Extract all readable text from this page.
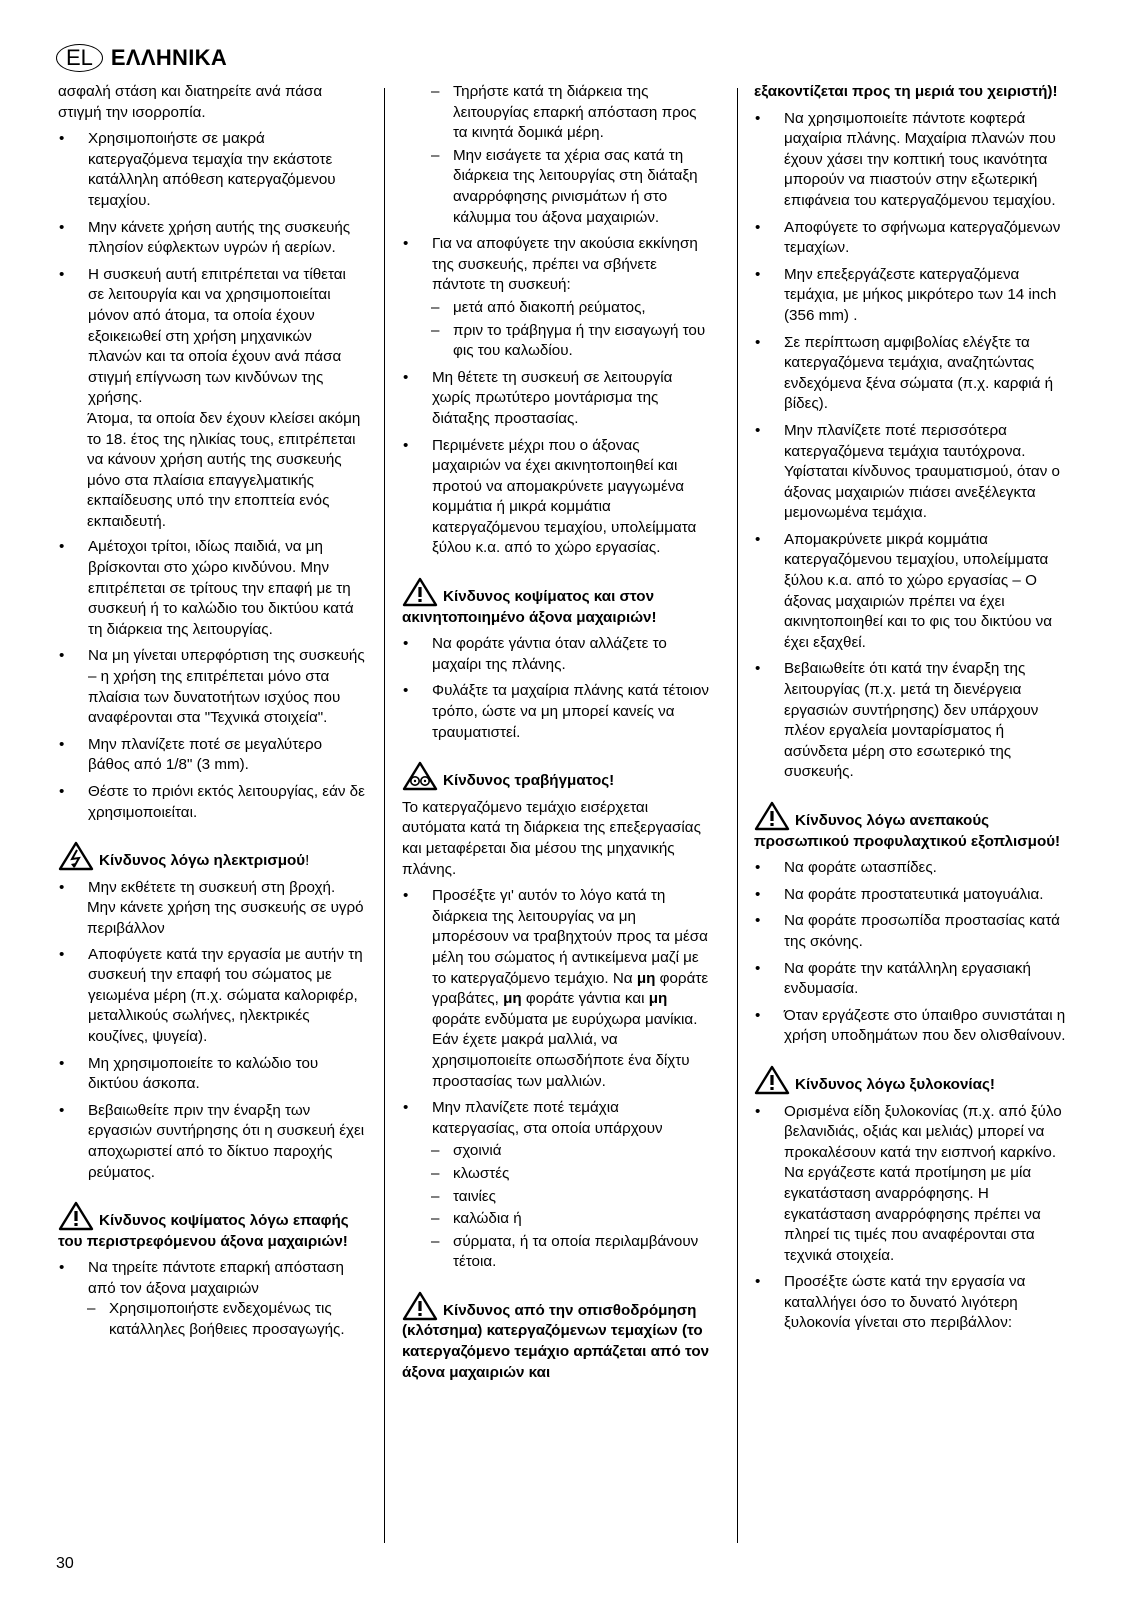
EL ΕΛΛΗΝΙΚΑ
ασφαλή στάση και διατηρείτε ανά πάσα στιγμή την ισορροπία.
•	Χρησιμοποιήστε σε μακρά κατεργαζόμενα τεμαχία την εκάστοτε κατάλληλη απόθεση κατεργαζόμενου τεμαχίου.
•	Μην κάνετε χρήση αυτής της συσκευής πλησίον εύφλεκτων υγρών ή αερίων.
•	Η συσκευή αυτή επιτρέπεται να τίθεται σε λειτουργία και να χρησιμοποιείται μόνον από άτομα, τα οποία έχουν εξοικειωθεί στη χρήση μηχανικών πλανών και τα οποία έχουν ανά πάσα στιγμή επίγνωση των κινδύνων της χρήσης.
Άτομα, τα οποία δεν έχουν κλείσει ακόμη το 18. έτος της ηλικίας τους, επιτρέπεται να κάνουν χρήση αυτής της συσκευής μόνο στα πλαίσια επαγγελματικής εκπαίδευσης υπό την εποπτεία ενός εκπαιδευτή.
•	Αμέτοχοι τρίτοι, ιδίως παιδιά, να μη βρίσκονται στο χώρο κινδύνου. Μην επιτρέπεται σε τρίτους την επαφή με τη συσκευή ή το καλώδιο του δικτύου κατά τη διάρκεια της λειτουργίας.
•	Να μη γίνεται υπερφόρτιση της συσκευής – η χρήση της επιτρέπεται μόνο στα πλαίσια των δυνατοτήτων ισχύος που αναφέρονται στα "Τεχνικά στοιχεία".
•	Μην πλανίζετε ποτέ σε μεγαλύτερο βάθος από 1/8" (3 mm).
•	Θέστε το πριόνι εκτός λειτουργίας, εάν δε χρησιμοποιείται.
Κίνδυνος λόγω ηλεκτρισμού!
•	Μην εκθέτετε τη συσκευή στη βροχή.
Μην κάνετε χρήση της συσκευής σε υγρό περιβάλλον
•	Αποφύγετε κατά την εργασία με αυτήν τη συσκευή την επαφή του σώματος με γειωμένα μέρη (π.χ. σώματα καλοριφέρ, μεταλλικούς σωλήνες, ηλεκτρικές κουζίνες, ψυγεία).
•	Μη χρησιμοποιείτε το καλώδιο του δικτύου άσκοπα.
•	Βεβαιωθείτε πριν την έναρξη των εργασιών συντήρησης ότι η συσκευή έχει αποχωριστεί από το δίκτυο παροχής ρεύματος.
Κίνδυνος κοψίματος λόγω επαφής του περιστρεφόμενου άξονα μαχαιριών!
•	Να τηρείτε πάντοτε επαρκή απόσταση από τον άξονα μαχαιριών
– Χρησιμοποιήστε ενδεχομένως τις κατάλληλες βοήθειες προσαγωγής.
– Τηρήστε κατά τη διάρκεια της λειτουργίας επαρκή απόσταση προς τα κινητά δομικά μέρη.
– Μην εισάγετε τα χέρια σας κατά τη διάρκεια της λειτουργίας στη διάταξη αναρρόφησης ρινισμάτων ή στο κάλυμμα του άξονα μαχαιριών.
•	Για να αποφύγετε την ακούσια εκκίνηση της συσκευής, πρέπει να σβήνετε πάντοτε τη συσκευή:
– μετά από διακοπή ρεύματος,
– πριν το τράβηγμα ή την εισαγωγή του φις του καλωδίου.
•	Μη θέτετε τη συσκευή σε λειτουργία χωρίς πρωτύτερο μοντάρισμα της διάταξης προστασίας.
•	Περιμένετε μέχρι που ο άξονας μαχαιριών να έχει ακινητοποιηθεί και προτού να απομακρύνετε μαγγωμένα κομμάτια ή μικρά κομμάτια κατεργαζόμενου τεμαχίου, υπολείμματα ξύλου κ.α. από το χώρο εργασίας.
Κίνδυνος κοψίματος και στον ακινητοποιημένο άξονα μαχαιριών!
•	Να φοράτε γάντια όταν αλλάζετε το μαχαίρι της πλάνης.
•	Φυλάξτε τα μαχαίρια πλάνης κατά τέτοιον τρόπο, ώστε να μη μπορεί κανείς να τραυματιστεί.
Κίνδυνος τραβήγματος!
Το κατεργαζόμενο τεμάχιο εισέρχεται αυτόματα κατά τη διάρκεια της επεξεργασίας και μεταφέρεται δια μέσου της μηχανικής πλάνης.
•	Προσέξτε γι' αυτόν το λόγο κατά τη διάρκεια της λειτουργίας να μη μπορέσουν να τραβηχτούν προς τα μέσα μέλη του σώματος ή αντικείμενα μαζί με το κατεργαζόμενο τεμάχιο. Να μη φοράτε γραβάτες, μη φοράτε γάντια και μη φοράτε ενδύματα με ευρύχωρα μανίκια. Εάν έχετε μακρά μαλλιά, να χρησιμοποιείτε οπωσδήποτε ένα δίχτυ προστασίας των μαλλιών.
•	Μην πλανίζετε ποτέ τεμάχια κατεργασίας, στα οποία υπάρχουν
– σχοινιά
– κλωστές
– ταινίες
– καλώδια ή
– σύρματα, ή τα οποία περιλαμβάνουν τέτοια.
Κίνδυνος από την οπισθοδρόμηση (κλότσημα) κατεργαζόμενων τεμαχίων (το κατεργαζόμενο τεμάχιο αρπάζεται από τον άξονα μαχαιριών και
εξακοντίζεται προς τη μεριά του χειριστή)!
•	Να χρησιμοποιείτε πάντοτε κοφτερά μαχαίρια πλάνης. Μαχαίρια πλανών που έχουν χάσει την κοπτική τους ικανότητα μπορούν να πιαστούν στην εξωτερική επιφάνεια του κατεργαζόμενου τεμαχίου.
•	Αποφύγετε το σφήνωμα κατεργαζόμενων τεμαχίων.
•	Μην επεξεργάζεστε κατεργαζόμενα τεμάχια, με μήκος μικρότερο των 14 inch (356 mm) .
•	Σε περίπτωση αμφιβολίας ελέγξτε τα κατεργαζόμενα τεμάχια, αναζητώντας ενδεχόμενα ξένα σώματα (π.χ. καρφιά ή βίδες).
•	Μην πλανίζετε ποτέ περισσότερα κατεργαζόμενα τεμάχια ταυτόχρονα. Υφίσταται κίνδυνος τραυματισμού, όταν ο άξονας μαχαιριών πιάσει ανεξέλεγκτα μεμονωμένα τεμάχια.
•	Απομακρύνετε μικρά κομμάτια κατεργαζόμενου τεμαχίου, υπολείμματα ξύλου κ.α. από το χώρο εργασίας – Ο άξονας μαχαιριών πρέπει να έχει ακινητοποιηθεί και το φις του δικτύου να έχει εξαχθεί.
•	Βεβαιωθείτε ότι κατά την έναρξη της λειτουργίας (π.χ. μετά τη διενέργεια εργασιών συντήρησης) δεν υπάρχουν πλέον εργαλεία μονταρίσματος ή ασύνδετα μέρη στο εσωτερικό της συσκευής.
Κίνδυνος λόγω ανεπακούς προσωπικού προφυλαχτικού εξοπλισμού!
•	Να φοράτε ωτασπίδες.
•	Να φοράτε προστατευτικά ματογυάλια.
•	Να φοράτε προσωπίδα προστασίας κατά της σκόνης.
•	Να φοράτε την κατάλληλη εργασιακή ενδυμασία.
•	Όταν εργάζεστε στο ύπαιθρο συνιστάται η χρήση υποδημάτων που δεν ολισθαίνουν.
Κίνδυνος λόγω ξυλοκονίας!
•	Ορισμένα είδη ξυλοκονίας (π.χ. από ξύλο βελανιδιάς, οξιάς και μελιάς) μπορεί να προκαλέσουν κατά την εισπνοή καρκίνο. Να εργάζεστε κατά προτίμηση με μία εγκατάσταση αναρρόφησης. Η εγκατάσταση αναρρόφησης πρέπει να πληρεί τις τιμές που αναφέρονται στα τεχνικά στοιχεία.
•	Προσέξτε ώστε κατά την εργασία να καταλλήγει όσο το δυνατό λιγότερη ξυλοκονία γίνεται στο περιβάλλον:
30
